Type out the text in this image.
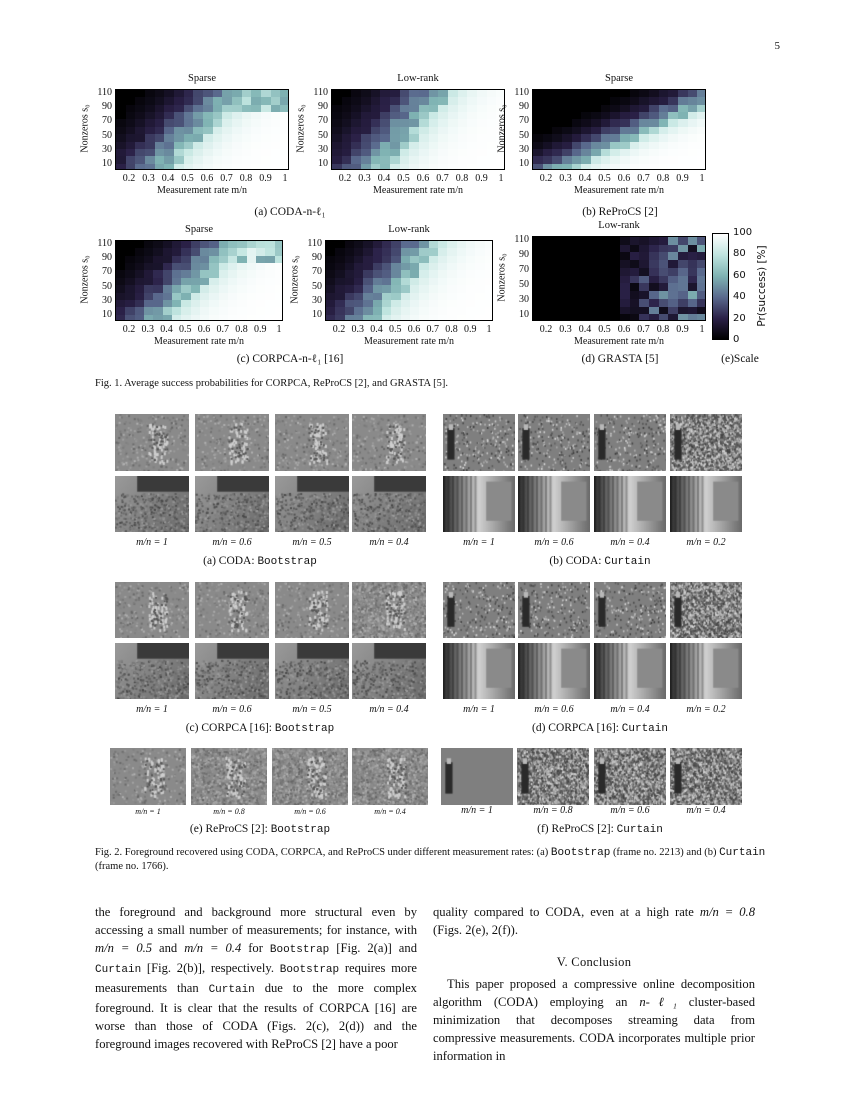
5
(a) CODA-n-ℓ₁	(b) ReProCS [2]
(c) CORPCA-n-ℓ₁ [16]	(d) GRASTA [5]	(e)Scale
100
80
60
40
20
0
Pr(success) [%]
Fig. 1. Average success probabilities for CORPCA, ReProCS [2], and GRASTA [5].
(a) CODA: Bootstrap	(b) CODA: Curtain
(c) CORPCA [16]: Bootstrap	(d) CORPCA [16]: Curtain
(e) ReProCS [2]: Bootstrap	(f) ReProCS [2]: Curtain
Fig. 2. Foreground recovered using CODA, CORPCA, and ReProCS under different measurement rates: (a) Bootstrap (frame no. 2213) and (b) Curtain (frame no. 1766).
the foreground and background more structural even by accessing a small number of measurements; for instance, with m/n = 0.5 and m/n = 0.4 for Bootstrap [Fig. 2(a)] and Curtain [Fig. 2(b)], respectively. Bootstrap requires more measurements than Curtain due to the more complex foreground. It is clear that the results of CORPCA [16] are worse than those of CODA (Figs. 2(c), 2(d)) and the foreground images recovered with ReProCS [2] have a poor
quality compared to CODA, even at a high rate m/n = 0.8 (Figs. 2(e), 2(f)).
V. Conclusion
This paper proposed a compressive online decomposition algorithm (CODA) employing an n-ℓ₁ cluster-based minimization that decomposes streaming data from compressive measurements. CODA incorporates multiple prior information in
Sparse
110
90
70
50
30
10
0.2 0.3 0.4 0.5 0.6 0.7 0.8 0.9	1
Measurement rate m/n
Nonzeros s₀
Low-rank
110
90
70
50
30
10
0.2 0.3 0.4 0.5 0.6 0.7 0.8 0.9	1
Measurement rate m/n
Nonzeros s₀
Sparse
110
90
70
50
30
10
0.2 0.3 0.4 0.5 0.6 0.7 0.8 0.9	1
Measurement rate m/n
Nonzeros s₀
Sparse
110
90
70
50
30
10
0.2 0.3 0.4 0.5 0.6 0.7 0.8 0.9	1
Measurement rate m/n
Nonzeros s₀
Low-rank
110
90
70
50
30
10
0.2 0.3 0.4 0.5 0.6 0.7 0.8 0.9	1
Measurement rate m/n
Nonzeros s₀
Low-rank
110
90
70
50
30
10
0.2 0.3 0.4 0.5 0.6 0.7 0.8 0.9	1
Measurement rate m/n
Nonzeros s₀
m/n = 1	m/n = 0.6	m/n = 0.5	m/n = 0.4	m/n = 1	m/n = 0.6	m/n = 0.4	m/n = 0.2
m/n = 1	m/n = 0.6	m/n = 0.5	m/n = 0.4	m/n = 1	m/n = 0.6	m/n = 0.4	m/n = 0.2
m/n = 1	m/n = 0.8	m/n = 0.6	m/n = 0.4	m/n = 1	m/n = 0.8	m/n = 0.6	m/n = 0.4
